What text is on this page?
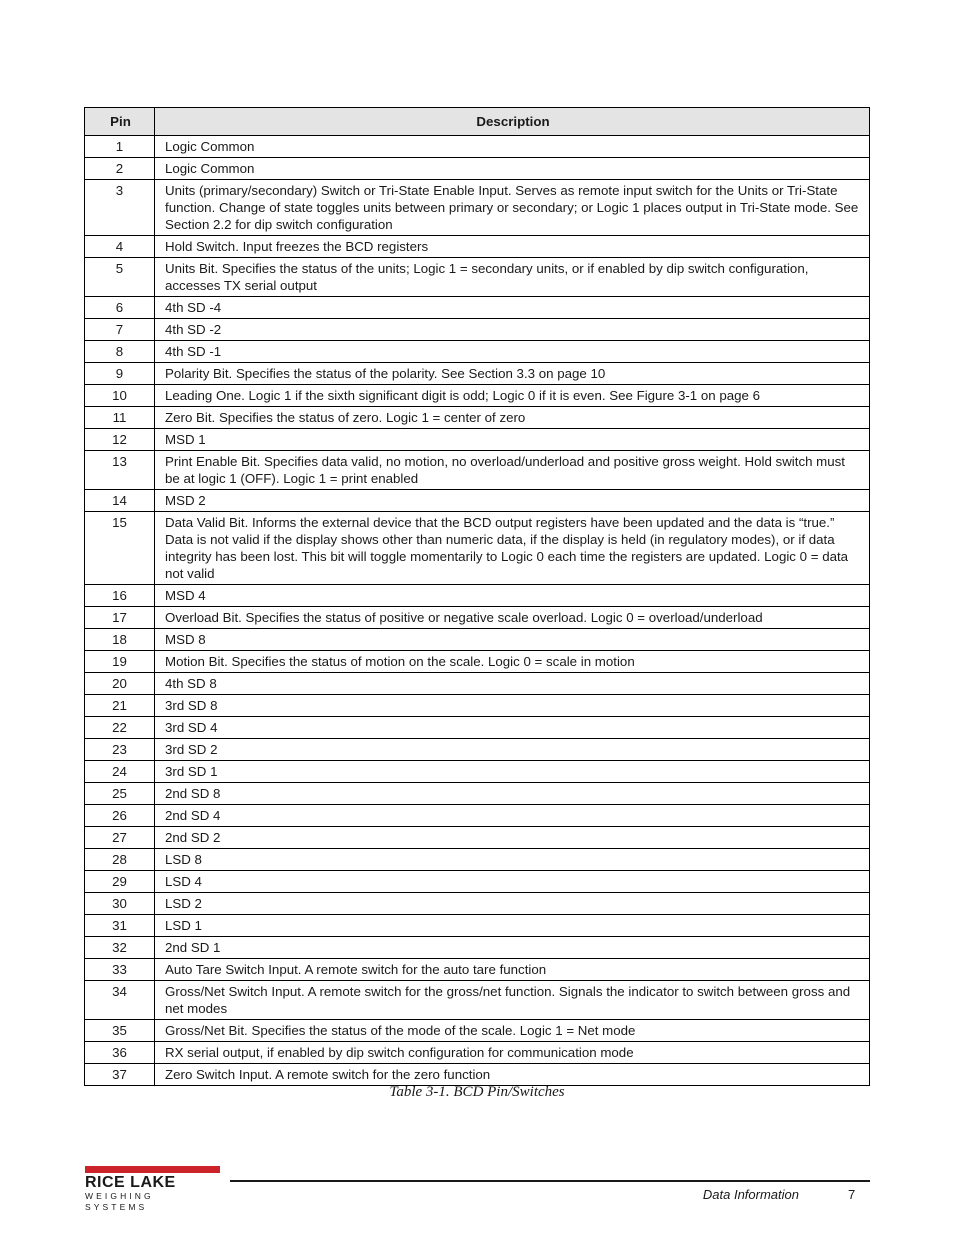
Pin	Description
1	Logic Common
2	Logic Common
3	Units (primary/secondary) Switch or Tri-State Enable Input. Serves as remote input switch for the Units or Tri-State function. Change of state toggles units between primary or secondary; or Logic 1 places output in Tri-State mode. See Section 2.2 for dip switch configuration
4	Hold Switch. Input freezes the BCD registers
5	Units Bit. Specifies the status of the units; Logic 1 = secondary units, or if enabled by dip switch configuration, accesses TX serial output
6	4th SD -4
7	4th SD -2
8	4th SD -1
9	Polarity Bit. Specifies the status of the polarity. See Section 3.3 on page 10
10	Leading One. Logic 1 if the sixth significant digit is odd; Logic 0 if it is even. See Figure 3-1 on page 6
11	Zero Bit. Specifies the status of zero. Logic 1 = center of zero
12	MSD 1
13	Print Enable Bit. Specifies data valid, no motion, no overload/underload and positive gross weight. Hold switch must be at logic 1 (OFF). Logic 1 = print enabled
14	MSD 2
15	Data Valid Bit. Informs the external device that the BCD output registers have been updated and the data is “true.” Data is not valid if the display shows other than numeric data, if the display is held (in regulatory modes), or if data integrity has been lost. This bit will toggle momentarily to Logic 0 each time the registers are updated. Logic 0 = data not valid
16	MSD 4
17	Overload Bit. Specifies the status of positive or negative scale overload. Logic 0 = overload/underload
18	MSD 8
19	Motion Bit. Specifies the status of motion on the scale. Logic 0 = scale in motion
20	4th SD 8
21	3rd SD 8
22	3rd SD 4
23	3rd SD 2
24	3rd SD 1
25	2nd SD 8
26	2nd SD 4
27	2nd SD 2
28	LSD 8
29	LSD 4
30	LSD 2
31	LSD 1
32	2nd SD 1
33	Auto Tare Switch Input. A remote switch for the auto tare function
34	Gross/Net Switch Input. A remote switch for the gross/net function. Signals the indicator to switch between gross and net modes
35	Gross/Net Bit. Specifies the status of the mode of the scale. Logic 1 = Net mode
36	RX serial output, if enabled by dip switch configuration for communication mode
37	Zero Switch Input. A remote switch for the zero function
Table 3-1. BCD Pin/Switches
RICE LAKE
WEIGHING SYSTEMS
Data Information	7
